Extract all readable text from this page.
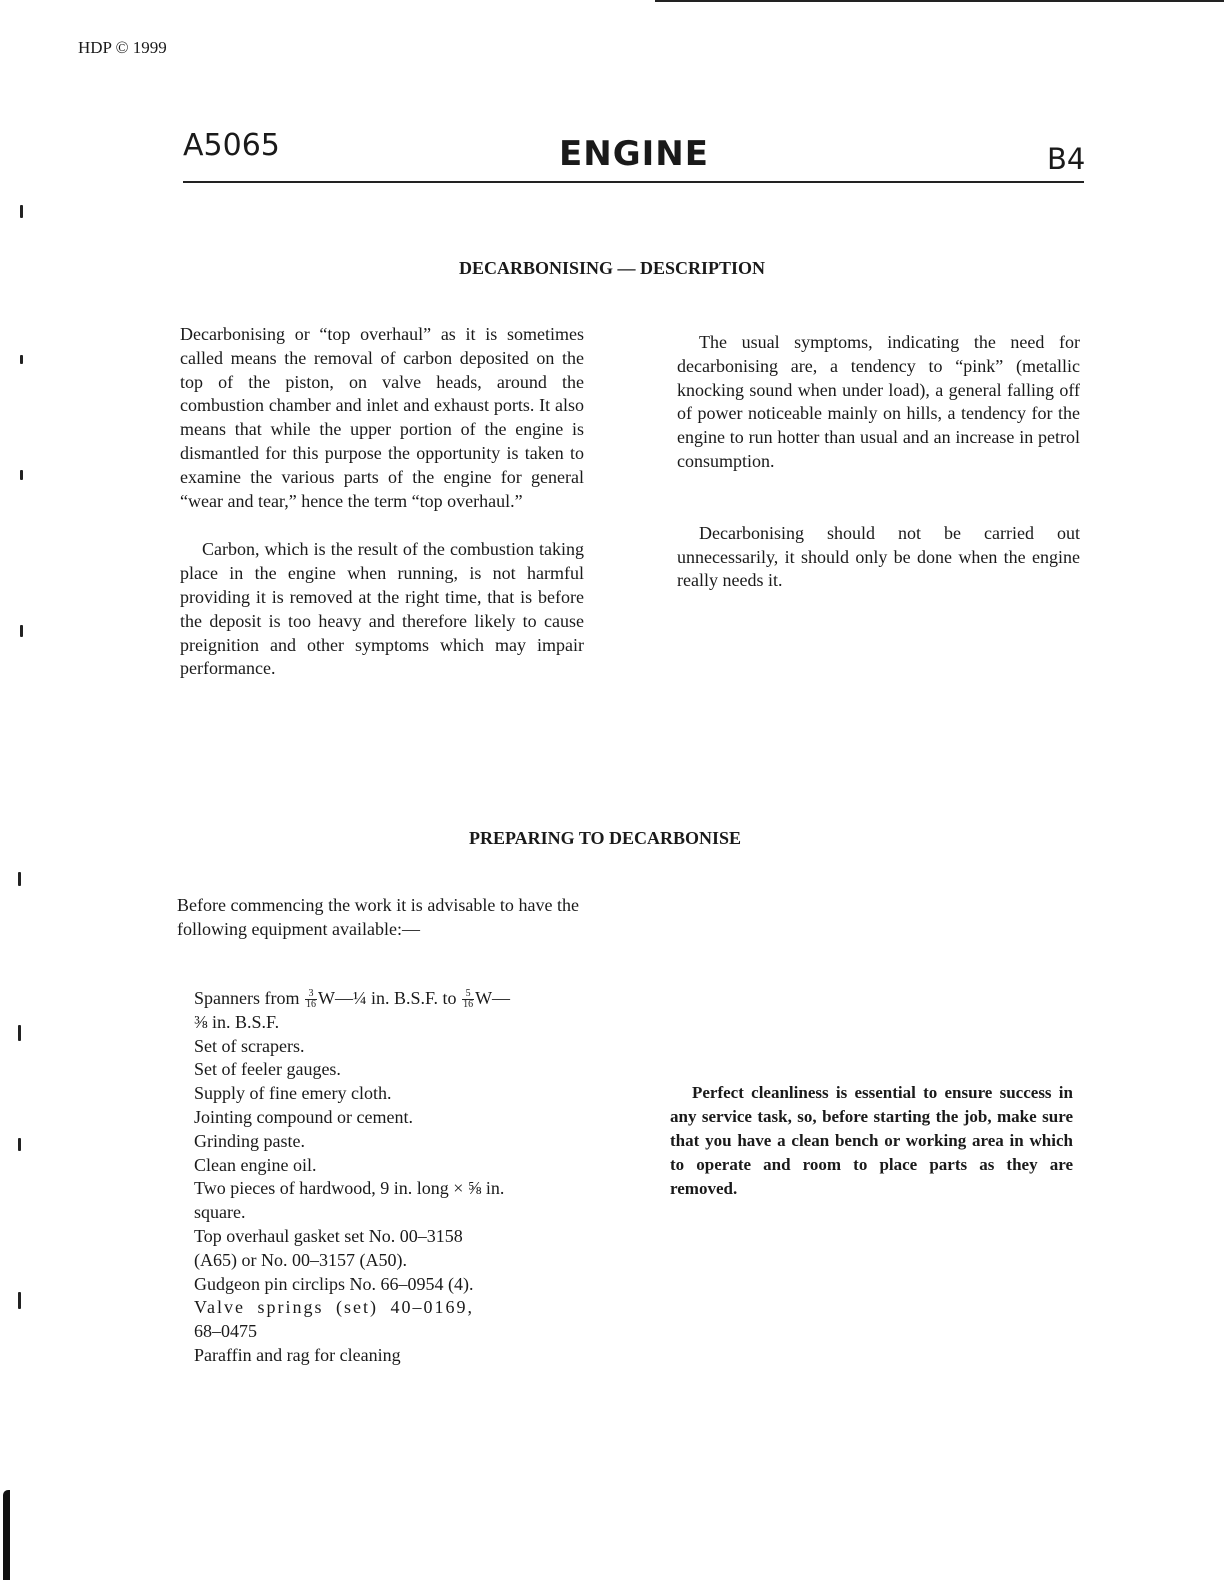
HDP © 1999
A5065	ENGINE	B4
DECARBONISING — DESCRIPTION

Decarbonising or “top overhaul” as it is sometimes called means the removal of carbon deposited on the top of the piston, on valve heads, around the combustion chamber and inlet and exhaust ports. It also means that while the upper portion of the engine is dismantled for this purpose the opportunity is taken to examine the various parts of the engine for general “wear and tear,” hence the term “top overhaul.”

Carbon, which is the result of the combustion taking place in the engine when running, is not harmful providing it is removed at the right time, that is before the deposit is too heavy and therefore likely to cause preignition and other symptoms which may impair performance.

The usual symptoms, indicating the need for decarbonising are, a tendency to “pink” (metallic knocking sound when under load), a general falling off of power noticeable mainly on hills, a tendency for the engine to run hotter than usual and an increase in petrol consumption.

Decarbonising should not be carried out unnecessarily, it should only be done when the engine really needs it.

PREPARING TO DECARBONISE

Before commencing the work it is advisable to have the following equipment available:—

Spanners from $\frac{3}{16}$ W—¼ in. B.S.F. to $\frac{5}{16}$ W—
⅜ in. B.S.F.
Set of scrapers.
Set of feeler gauges.
Supply of fine emery cloth.
Jointing compound or cement.
Grinding paste.
Clean engine oil.
Two pieces of hardwood, 9 in. long × ⅝ in.
square.
Top overhaul gasket set No. 00–3158
(A65) or No. 00–3157 (A50).
Gudgeon pin circlips No. 66–0954 (4).
Valve springs (set) 40–0169,
68–0475
Paraffin and rag for cleaning

Perfect cleanliness is essential to ensure success in any service task, so, before starting the job, make sure that you have a clean bench or working area in which to operate and room to place parts as they are removed.
